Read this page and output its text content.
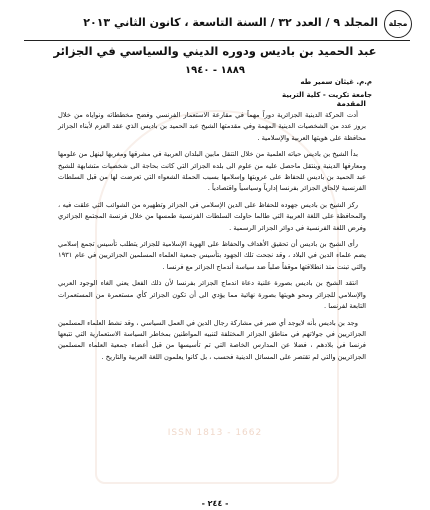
مجلة
المجلد ٩ / العدد ٣٢ / السنة التاسعة ، كانون الثاني ٢٠١٣
ISSN 1813 - 1662
عبد الحميد بن باديس ودوره الديني والسياسي في الجزائر
١٨٨٩ - ١٩٤٠
م.م. غيثان سمير طه
جامعة تكريت - كلية التربية
المقدمة

أدت الحركة الدينية الجزائرية دوراً مهماً في مقارعة الاستعمار الفرنسي وفضح مخططاته ونواياه من خلال بروز عدد من الشخصيات الدينية المهمة وفي مقدمتها الشيخ عبد الحميد بن باديس الذي عقد العزم لأبناء الجزائر محافظة على هويتها العربية والإسلامية .

بدأ الشيخ بن باديس حياته العلمية من خلال التنقل مابين البلدان العربية في مشرقها ومغربها لينهل من علومها ومعارفها الدينية وينتقل ماحصل عليه من علوم الى بلده الجزائر التي كانت بحاجة الى شخصيات متشابهة للشيخ عبد الحميد بن باديس للحفاظ على عروبتها وإسلامها بسبب الحملة الشعواء التي تعرضت لها من قبل السلطات الفرنسية لإلحاق الجزائر بفرنسا إدارياً وسياسياً واقتصادياً .

ركز الشيخ بن باديس جهوده للحفاظ على الدين الإسلامي في الجزائر وتطهيره من الشوائب التي علقت فيه ، والمحافظة على اللغة العربية التي طالما حاولت السلطات الفرنسية طمسها من خلال فرنسة المجتمع الجزائري وفرض اللغة الفرنسية في دوائر الجزائر الرسمية .

رأى الشيخ بن باديس أن تحقيق الأهداف والحفاظ على الهوية الإسلامية للجزائر يتطلب تأسيس تجمع إسلامي يضم علماء الدين في البلاد ، وقد نجحت تلك الجهود بتأسيس جمعية العلماء المسلمين الجزائريين في عام ١٩٣١ والتي تبنت منذ انطلاقتها موقفاً صلباً ضد سياسة أندماج الجزائر مع فرنسا .

انتقد الشيخ بن باديس بصورة علنية دعاة اندماج الجزائر بفرنسا لأن ذلك الفعل يعني الغاء الوجود العربي والإسلامي للجزائر ومحو هويتها بصورة نهائية مما يؤدي الى أن تكون الجزائر كأي مستعمرة من المستعمرات التابعة لفرنسا .

وجد بن باديس بأنه لايوجد أي ضير في مشاركة رجال الدين في العمل السياسي ، وقد نشط العلماء المسلمين الجزائريين في جولاتهم في مناطق الجزائر المختلفة لتنبيه المواطنين بمخاطر السياسة الاستعمارية التي تتبعها فرنسا في بلادهم ، فضلا عن المدارس الخاصة التي تم تأسيسها من قبل أعضاء جمعية العلماء المسلمين الجزائريين والتي لم تقتصر على المسائل الدينية فحسب ، بل كانوا يعلمون اللغة العربية والتاريخ .

- ٢٤٤ -
